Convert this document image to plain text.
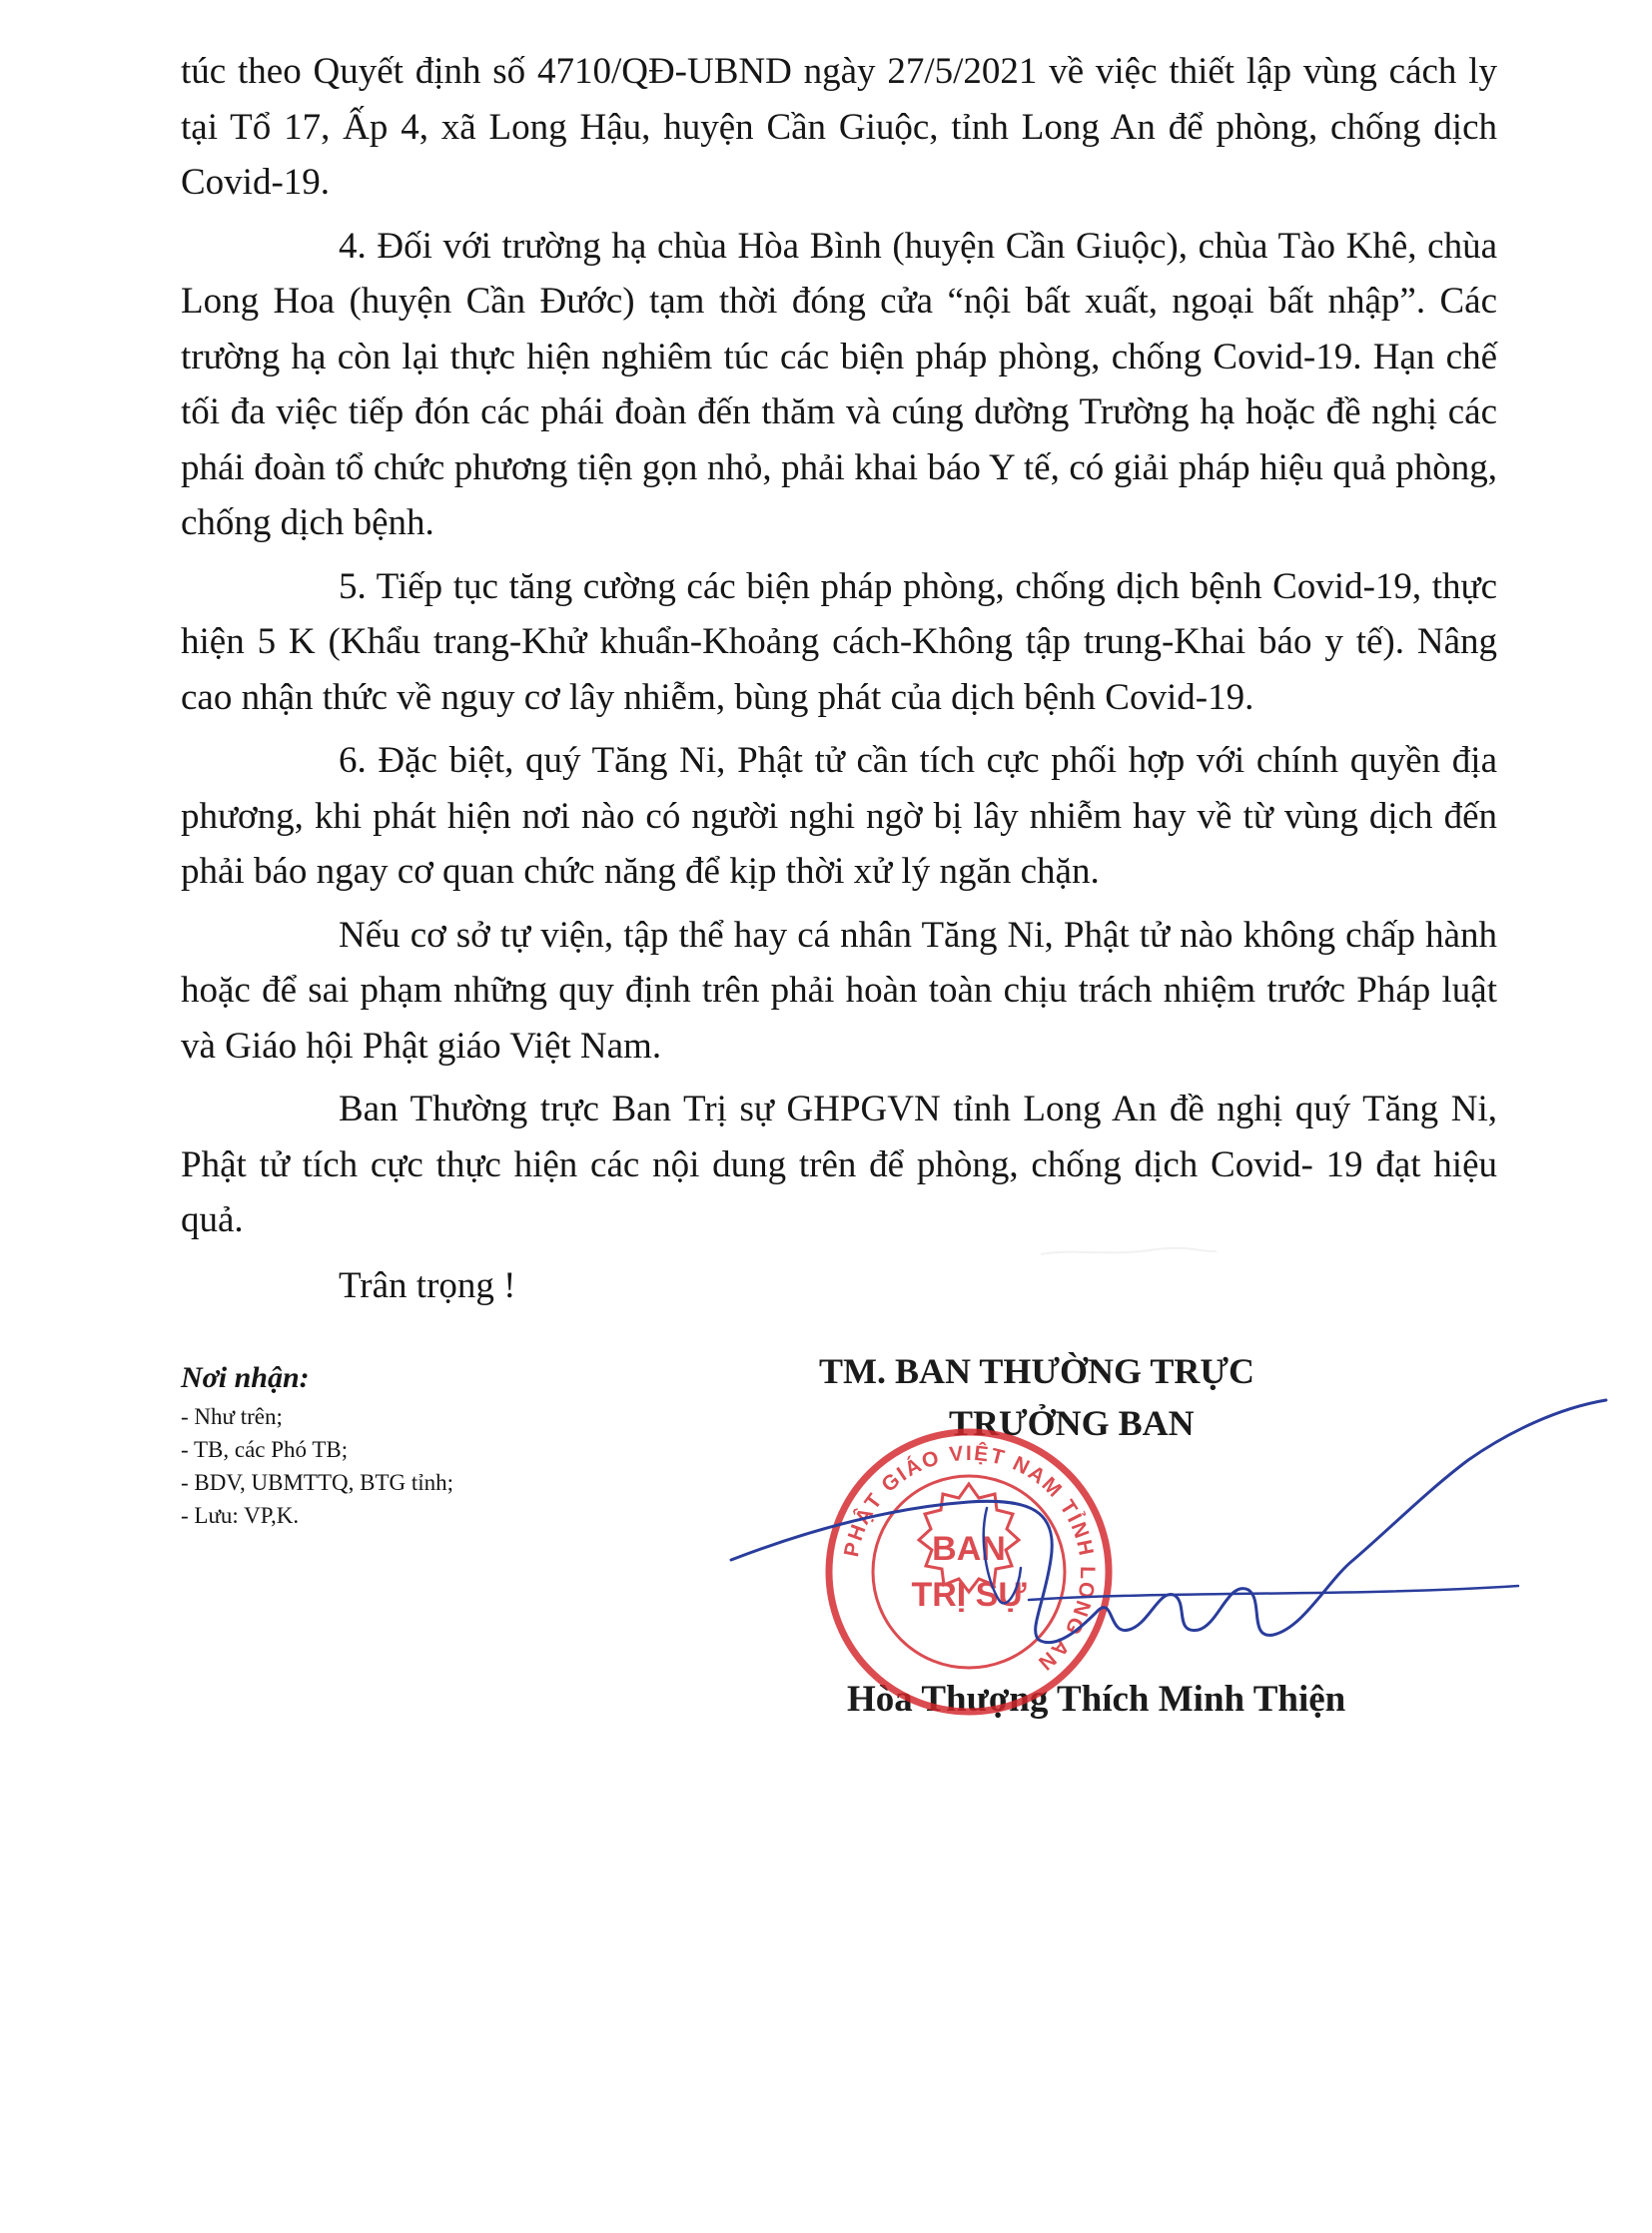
túc theo Quyết định số 4710/QĐ-UBND ngày 27/5/2021 về việc thiết lập vùng cách ly tại Tổ 17, Ấp 4, xã Long Hậu, huyện Cần Giuộc, tỉnh Long An để phòng, chống dịch Covid-19.

4. Đối với trường hạ chùa Hòa Bình (huyện Cần Giuộc), chùa Tào Khê, chùa Long Hoa (huyện Cần Đước) tạm thời đóng cửa “nội bất xuất, ngoại bất nhập”. Các trường hạ còn lại thực hiện nghiêm túc các biện pháp phòng, chống Covid-19. Hạn chế tối đa việc tiếp đón các phái đoàn đến thăm và cúng dường Trường hạ hoặc đề nghị các phái đoàn tổ chức phương tiện gọn nhỏ, phải khai báo Y tế, có giải pháp hiệu quả phòng, chống dịch bệnh.

5. Tiếp tục tăng cường các biện pháp phòng, chống dịch bệnh Covid-19, thực hiện 5 K (Khẩu trang-Khử khuẩn-Khoảng cách-Không tập trung-Khai báo y tế). Nâng cao nhận thức về nguy cơ lây nhiễm, bùng phát của dịch bệnh Covid-19.

6. Đặc biệt, quý Tăng Ni, Phật tử cần tích cực phối hợp với chính quyền địa phương, khi phát hiện nơi nào có người nghi ngờ bị lây nhiễm hay về từ vùng dịch đến phải báo ngay cơ quan chức năng để kịp thời xử lý ngăn chặn.

Nếu cơ sở tự viện, tập thể hay cá nhân Tăng Ni, Phật tử nào không chấp hành hoặc để sai phạm những quy định trên phải hoàn toàn chịu trách nhiệm trước Pháp luật và Giáo hội Phật giáo Việt Nam.

Ban Thường trực Ban Trị sự GHPGVN tỉnh Long An đề nghị quý Tăng Ni, Phật tử tích cực thực hiện các nội dung trên để phòng, chống dịch Covid- 19 đạt hiệu quả.

Trân trọng !

Nơi nhận:

- Như trên;
- TB, các Phó TB;
- BDV, UBMTTQ, BTG tỉnh;
- Lưu: VP,K.
TM. BAN THƯỜNG TRỰC
TRƯỞNG BAN
Hòa Thượng Thích Minh Thiện
PHẬT GIÁO VIỆT NAM TỈNH LONG AN
BAN
TRỊ SỰ
